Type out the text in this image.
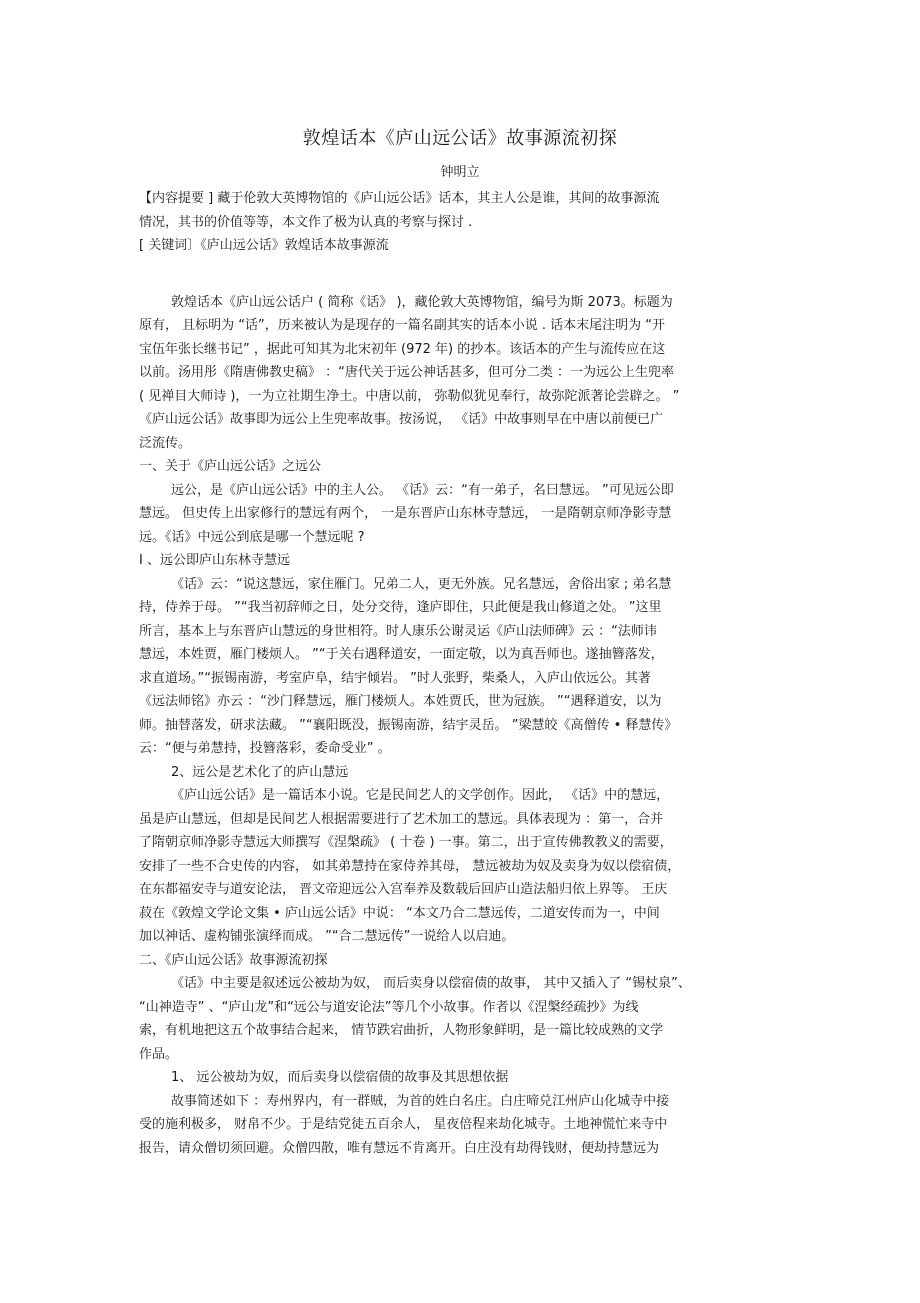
敦煌话本《庐山远公话》故事源流初探
钟明立
【内容提要 ] 藏于伦敦大英博物馆的《庐山远公话》话本，其主人公是谁，其间的故事源流
情况，其书的价值等等，本文作了极为认真的考察与探讨 .
[ 关键词〕《庐山远公话》敦煌话本故事源流
敦煌话本《庐山远公话户 ( 简称《话》 )，藏伦敦大英博物馆，编号为斯 2073。标题为
原有， 且标明为 “话”，历来被认为是现存的一篇名副其实的话本小说 . 话本末尾注明为 “开
宝伍年张长继书记” ，据此可知其为北宋初年 (972 年) 的抄本。该话本的产生与流传应在这
以前。汤用彤《隋唐佛教史稿》 ：“唐代关于远公神话甚多，但可分二类 ：一为远公上生兜率
( 见禅目大师诗 )，一为立社期生净土。中唐以前， 弥勒似犹见奉行，故弥陀派著论尝辟之。 ”
《庐山远公话》故事即为远公上生兜率故事。按汤说， 《话》中故事则早在中唐以前便已广
泛流传。
一、关于《庐山远公话》之远公
远公，是《庐山远公话》中的主人公。 《话》云：“有一弟子，名曰慧远。 ”可见远公即
慧远。 但史传上出家修行的慧远有两个， 一是东晋庐山东林寺慧远， 一是隋朝京师净影寺慧
远。《话》中远公到底是哪一个慧远呢 ?
I 、远公即庐山东林寺慧远
《话》云：“说这慧远，家住雁门。兄弟二人，更无外族。兄名慧远，舍俗出家 ; 弟名慧
持，侍养于母。 ”“我当初辞师之日，处分交待，逢庐即住，只此便是我山修道之处。 ”这里
所言，基本上与东晋庐山慧远的身世相符。时人康乐公谢灵运《庐山法师碑》云 ：“法师讳
慧远，本姓贾，雁门楼烦人。 ”“于关右遇释道安，一面定敬，以为真吾师也。遂抽簪落发，
求直道场。”“振锡南游，考室庐阜，结宇倾岩。 ”时人张野，柴桑人，入庐山依远公。其著
《远法师铭》亦云 ：“沙门释慧远，雁门楼烦人。本姓贾氏，世为冠族。 ”“遇释道安，以为
师。抽替落发，研求法藏。 ”“襄阳既没，振锡南游，结宇灵岳。 ”梁慧皎《高僧传 • 释慧传》
云：“便与弟慧持，投簪落彩，委命受业” 。
2、远公是艺术化了的庐山慧远
《庐山远公话》是一篇话本小说。它是民间艺人的文学创作。因此， 《话》中的慧远，
虽是庐山慧远，但却是民间艺人根据需要进行了艺术加工的慧远。具体表现为 ：第一，合并
了隋朝京师净影寺慧远大师撰写《涅槃疏》 ( 十卷 ) 一事。第二，出于宣传佛教教义的需要，
安排了一些不合史传的内容， 如其弟慧持在家侍养其母， 慧远被劫为奴及卖身为奴以偿宿债，
在东都福安寺与道安论法， 晋文帝迎远公入宫奉养及数载后回庐山造法船归依上界等。 王庆
菽在《敦煌文学论文集 • 庐山远公话》中说： “本文乃合二慧远传，二道安传而为一，中间
加以神话、虚构铺张演绎而成。 ”“合二慧远传”一说给人以启迪。
二、《庐山远公话》故事源流初探
《话》中主要是叙述远公被劫为奴， 而后卖身以偿宿债的故事， 其中又插入了 “锡杖泉”、
“山神造寺” 、“庐山龙”和“远公与道安论法”等几个小故事。作者以《涅槃经疏抄》为线
索，有机地把这五个故事结合起来， 情节跌宕曲折，人物形象鲜明，是一篇比较成熟的文学
作品。
1、 远公被劫为奴，而后卖身以偿宿债的故事及其思想依据
故事简述如下 ：寿州界内，有一群贼，为首的姓白名庄。白庄啼兑江州庐山化城寺中接
受的施利极多， 财帛不少。于是结党徒五百余人， 星夜倍程来劫化城寺。土地神慌忙来寺中
报告，请众僧切须回避。众僧四散，唯有慧远不肯离开。白庄没有劫得钱财，便劫持慧远为
